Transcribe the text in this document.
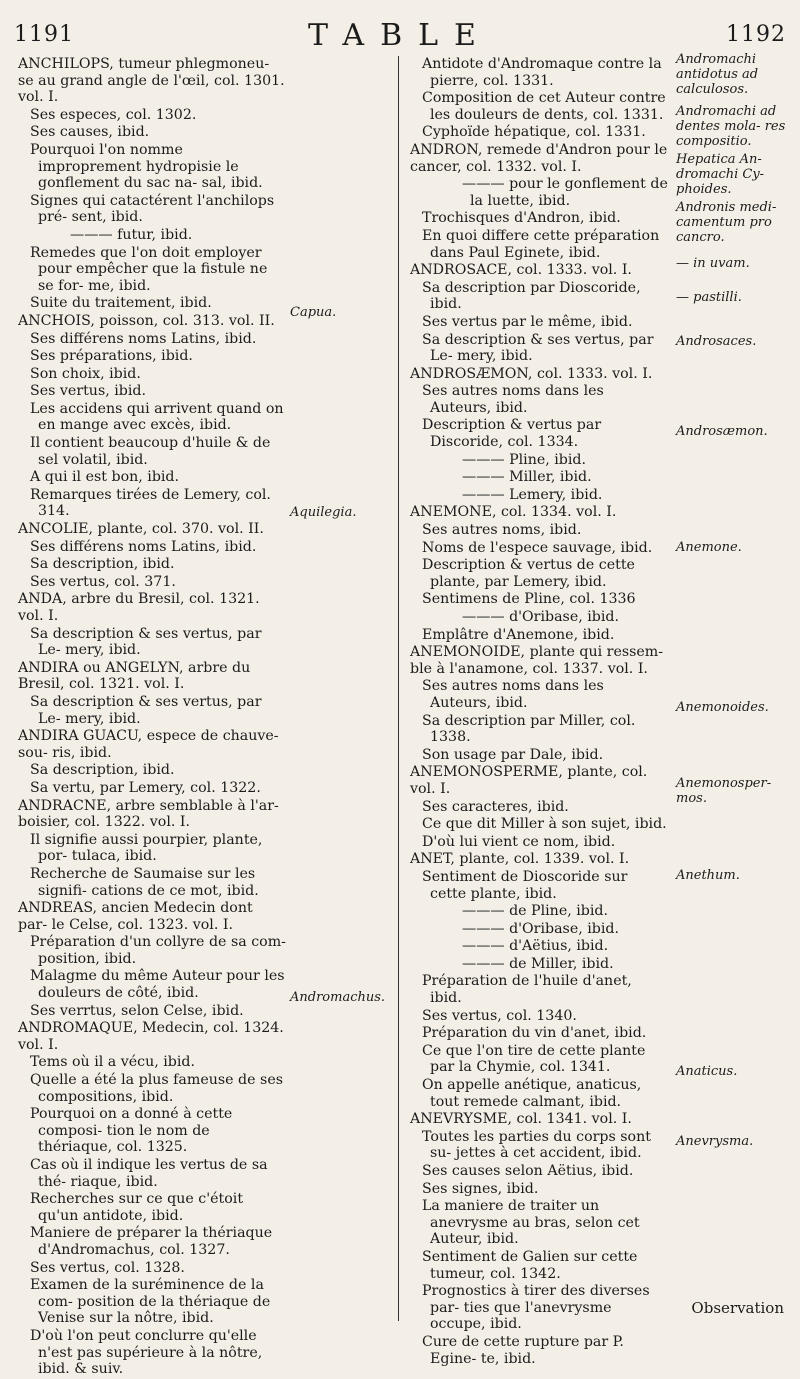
1191	TABLE	1192
ANCHILOPS, tumeur phlegmoneu- se au grand angle de l'œil, col. 1301. vol. I.
Ses especes, col. 1302.
Ses causes, ibid.
Pourquoi l'on nomme improprement hydropisie le gonflement du sac na- sal, ibid.
Signes qui catactérent l'anchilops pré- sent, ibid.
——— futur, ibid.
Remedes que l'on doit employer pour empêcher que la fistule ne se for- me, ibid.
Suite du traitement, ibid.
ANCHOIS, poisson, col. 313. vol. II.
Ses différens noms Latins, ibid.
Ses préparations, ibid.
Son choix, ibid.
Ses vertus, ibid.
Les accidens qui arrivent quand on en mange avec excès, ibid.
Il contient beaucoup d'huile & de sel volatil, ibid.
A qui il est bon, ibid.
Remarques tirées de Lemery, col. 314.
ANCOLIE, plante, col. 370. vol. II.
Ses différens noms Latins, ibid.
Sa description, ibid.
Ses vertus, col. 371.
ANDA, arbre du Bresil, col. 1321. vol. I.
Sa description & ses vertus, par Le- mery, ibid.
ANDIRA ou ANGELYN, arbre du Bresil, col. 1321. vol. I.
Sa description & ses vertus, par Le- mery, ibid.
ANDIRA GUACU, espece de chauve-sou- ris, ibid.
Sa description, ibid.
Sa vertu, par Lemery, col. 1322.
ANDRACNE, arbre semblable à l'ar- boisier, col. 1322. vol. I.
Il signifie aussi pourpier, plante, por- tulaca, ibid.
Recherche de Saumaise sur les signifi- cations de ce mot, ibid.
ANDREAS, ancien Medecin dont par- le Celse, col. 1323. vol. I.
Préparation d'un collyre de sa com- position, ibid.
Malagme du même Auteur pour les douleurs de côté, ibid.
Ses verrtus, selon Celse, ibid.
ANDROMAQUE, Medecin, col. 1324. vol. I.
Tems où il a vécu, ibid.
Quelle a été la plus fameuse de ses compositions, ibid.
Pourquoi on a donné à cette composi- tion le nom de thériaque, col. 1325.
Cas où il indique les vertus de sa thé- riaque, ibid.
Recherches sur ce que c'étoit qu'un antidote, ibid.
Maniere de préparer la thériaque d'Andromachus, col. 1327.
Ses vertus, col. 1328.
Examen de la suréminence de la com- position de la thériaque de Venise sur la nôtre, ibid.
D'où l'on peut conclurre qu'elle n'est pas supérieure à la nôtre, ibid. & suiv.
Antidote d'Andromaque contre la pierre, col. 1331.
Composition de cet Auteur contre les douleurs de dents, col. 1331.
Cyphoïde hépatique, col. 1331.
ANDRON, remede d'Andron pour le cancer, col. 1332. vol. I.
——— pour le gonflement de la luette, ibid.
Trochisques d'Andron, ibid.
En quoi differe cette préparation dans Paul Eginete, ibid.
ANDROSACE, col. 1333. vol. I.
Sa description par Dioscoride, ibid.
Ses vertus par le même, ibid.
Sa description & ses vertus, par Le- mery, ibid.
ANDROSÆMON, col. 1333. vol. I.
Ses autres noms dans les Auteurs, ibid.
Description & vertus par Discoride, col. 1334.
——— Pline, ibid.
——— Miller, ibid.
——— Lemery, ibid.
ANEMONE, col. 1334. vol. I.
Ses autres noms, ibid.
Noms de l'espece sauvage, ibid.
Description & vertus de cette plante, par Lemery, ibid.
Sentimens de Pline, col. 1336
——— d'Oribase, ibid.
Emplâtre d'Anemone, ibid.
ANEMONOIDE, plante qui ressem- ble à l'anamone, col. 1337. vol. I.
Ses autres noms dans les Auteurs, ibid.
Sa description par Miller, col. 1338.
Son usage par Dale, ibid.
ANEMONOSPERME, plante, col. vol. I.
Ses caracteres, ibid.
Ce que dit Miller à son sujet, ibid.
D'où lui vient ce nom, ibid.
ANET, plante, col. 1339. vol. I.
Sentiment de Dioscoride sur cette plante, ibid.
——— de Pline, ibid.
——— d'Oribase, ibid.
——— d'Aëtius, ibid.
——— de Miller, ibid.
Préparation de l'huile d'anet, ibid.
Ses vertus, col. 1340.
Préparation du vin d'anet, ibid.
Ce que l'on tire de cette plante par la Chymie, col. 1341.
On appelle anétique, anaticus, tout remede calmant, ibid.
ANEVRYSME, col. 1341. vol. I.
Toutes les parties du corps sont su- jettes à cet accident, ibid.
Ses causes selon Aëtius, ibid.
Ses signes, ibid.
La maniere de traiter un anevrysme au bras, selon cet Auteur, ibid.
Sentiment de Galien sur cette tumeur, col. 1342.
Prognostics à tirer des diverses par- ties que l'anevrysme occupe, ibid.
Cure de cette rupture par P. Egine- te, ibid.
Capua.
Aquilegia.
Andromachus.
Andromachi antidotus ad calculosos.
Andromachi ad dentes mola- res compositio.
Hepatica An- dromachi Cy- phoides.
Andronis medi- camentum pro cancro.
— in uvam.
— pastilli.
Androsaces.
Androsæmon.
Anemone.
Anemonoides.
Anemonosper- mos.
Anethum.
Anaticus.
Anevrysma.
Observation
